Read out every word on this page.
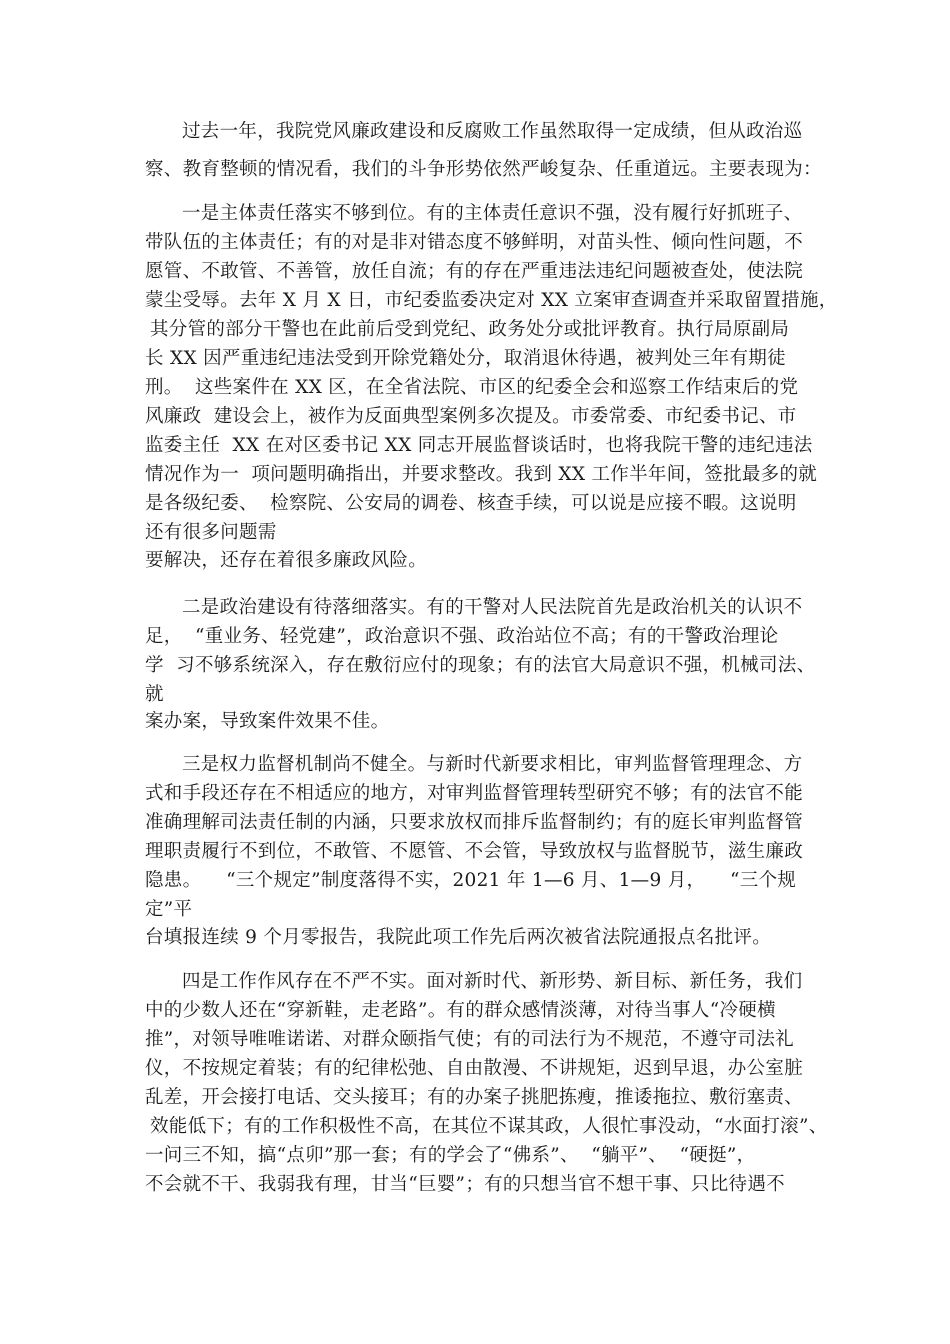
过去一年，我院党风廉政建设和反腐败工作虽然取得一定成绩，但从政治巡
察、教育整顿的情况看，我们的斗争形势依然严峻复杂、任重道远。主要表现为：
一是主体责任落实不够到位。有的主体责任意识不强，没有履行好抓班子、
带队伍的主体责任；有的对是非对错态度不够鲜明，对苗头性、倾向性问题，不
愿管、不敢管、不善管，放任自流；有的存在严重违法违纪问题被查处，使法院
蒙尘受辱。去年 X 月 X 日，市纪委监委决定对 XX 立案审查调查并采取留置措施，
其分管的部分干警也在此前后受到党纪、政务处分或批评教育。执行局原副局
长 XX 因严重违纪违法受到开除党籍处分，取消退休待遇，被判处三年有期徒
刑。  这些案件在 XX 区，在全省法院、市区的纪委全会和巡察工作结束后的党
风廉政  建设会上，被作为反面典型案例多次提及。市委常委、市纪委书记、市
监委主任  XX 在对区委书记 XX 同志开展监督谈话时，也将我院干警的违纪违法
情况作为一  项问题明确指出，并要求整改。我到 XX 工作半年间，签批最多的就
是各级纪委、  检察院、公安局的调卷、核查手续，可以说是应接不暇。这说明
还有很多问题需
要解决，还存在着很多廉政风险。
二是政治建设有待落细落实。有的干警对人民法院首先是政治机关的认识不
足，  “重业务、轻党建”，政治意识不强、政治站位不高；有的干警政治理论
学  习不够系统深入，存在敷衍应付的现象；有的法官大局意识不强，机械司法、
就
案办案，导致案件效果不佳。
三是权力监督机制尚不健全。与新时代新要求相比，审判监督管理理念、方
式和手段还存在不相适应的地方，对审判监督管理转型研究不够；有的法官不能
准确理解司法责任制的内涵，只要求放权而排斥监督制约；有的庭长审判监督管
理职责履行不到位，不敢管、不愿管、不会管，导致放权与监督脱节，滋生廉政
隐患。    “三个规定”制度落得不实，2021 年 1—6 月、1—9 月，    “三个规
定”平
台填报连续 9 个月零报告，我院此项工作先后两次被省法院通报点名批评。
四是工作作风存在不严不实。面对新时代、新形势、新目标、新任务，我们
中的少数人还在“穿新鞋，走老路”。有的群众感情淡薄，对待当事人“冷硬横
推”，对领导唯唯诺诺、对群众颐指气使；有的司法行为不规范，不遵守司法礼
仪，不按规定着装；有的纪律松弛、自由散漫、不讲规矩，迟到早退，办公室脏
乱差，开会接打电话、交头接耳；有的办案子挑肥拣瘦，推诿拖拉、敷衍塞责、
效能低下；有的工作积极性不高，在其位不谋其政，人很忙事没动，“水面打滚”、
一问三不知，搞“点卯”那一套；有的学会了“佛系”、  “躺平”、  “硬挺”，
不会就不干、我弱我有理，甘当“巨婴”；有的只想当官不想干事、只比待遇不
